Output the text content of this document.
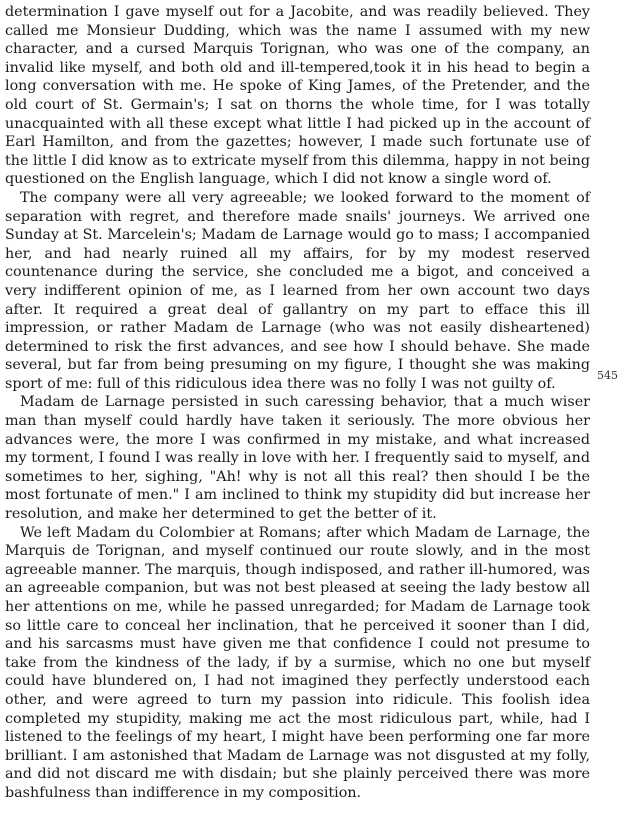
determination I gave myself out for a Jacobite, and was readily believed. They called me Monsieur Dudding, which was the name I assumed with my new character, and a cursed Marquis Torignan, who was one of the company, an invalid like myself, and both old and ill-tempered,took it in his head to begin a long conversation with me. He spoke of King James, of the Pretender, and the old court of St. Germain's; I sat on thorns the whole time, for I was totally unacquainted with all these except what little I had picked up in the account of Earl Hamilton, and from the gazettes; however, I made such fortunate use of the little I did know as to extricate myself from this dilemma, happy in not being questioned on the English language, which I did not know a single word of.

The company were all very agreeable; we looked forward to the moment of separation with regret, and therefore made snails' journeys. We arrived one Sunday at St. Marcelein's; Madam de Larnage would go to mass; I accompanied her, and had nearly ruined all my affairs, for by my modest reserved countenance during the service, she concluded me a bigot, and conceived a very indifferent opinion of me, as I learned from her own account two days after. It required a great deal of gallantry on my part to efface this ill impression, or rather Madam de Larnage (who was not easily disheartened) determined to risk the first advances, and see how I should behave. She made several, but far from being presuming on my figure, I thought she was making sport of me: full of this ridiculous idea there was no folly I was not guilty of.

Madam de Larnage persisted in such caressing behavior, that a much wiser man than myself could hardly have taken it seriously. The more obvious her advances were, the more I was confirmed in my mistake, and what increased my torment, I found I was really in love with her. I frequently said to myself, and sometimes to her, sighing, "Ah! why is not all this real? then should I be the most fortunate of men." I am inclined to think my stupidity did but increase her resolution, and make her determined to get the better of it.

We left Madam du Colombier at Romans; after which Madam de Larnage, the Marquis de Torignan, and myself continued our route slowly, and in the most agreeable manner. The marquis, though indisposed, and rather ill-humored, was an agreeable companion, but was not best pleased at seeing the lady bestow all her attentions on me, while he passed unregarded; for Madam de Larnage took so little care to conceal her inclination, that he perceived it sooner than I did, and his sarcasms must have given me that confidence I could not presume to take from the kindness of the lady, if by a surmise, which no one but myself could have blundered on, I had not imagined they perfectly understood each other, and were agreed to turn my passion into ridicule. This foolish idea completed my stupidity, making me act the most ridiculous part, while, had I listened to the feelings of my heart, I might have been performing one far more brilliant. I am astonished that Madam de Larnage was not disgusted at my folly, and did not discard me with disdain; but she plainly perceived there was more bashfulness than indifference in my composition.

545
